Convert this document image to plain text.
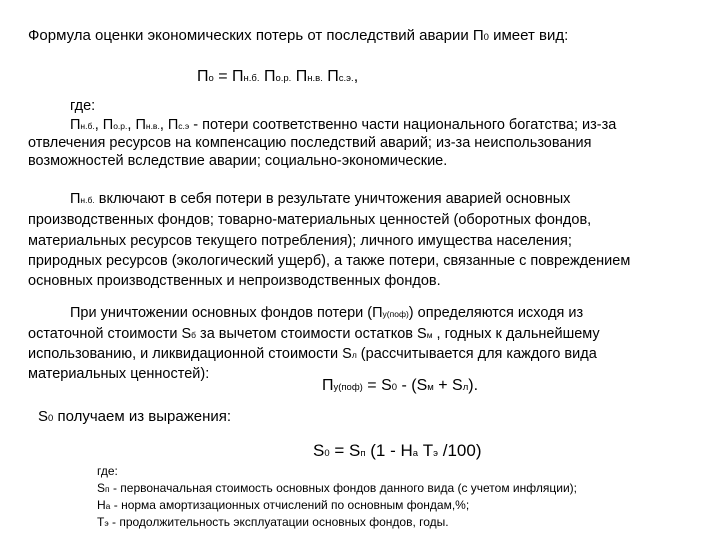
Формула оценки экономических потерь от последствий аварии П0 имеет вид:
По = Пн.б. По.р. Пн.в. Пс.э.,
где:
Пн.б., По.р., Пн.в., Пс.э - потери соответственно части национального богатства; из-за
отвлечения ресурсов на компенсацию последствий аварий; из-за неиспользования
возможностей вследствие аварии; социально-экономические.
Пн.б. включают в себя потери в результате уничтожения аварией основных
производственных фондов; товарно-материальных ценностей (оборотных фондов,
материальных ресурсов текущего потребления); личного имущества населения;
природных ресурсов (экологический ущерб), а также потери, связанные с повреждением
основных производственных и непроизводственных фондов.
При уничтожении основных фондов потери (Пу(поф)) определяются исходя из
остаточной стоимости Sб за вычетом стоимости остатков Sм , годных к дальнейшему
использованию, и ликвидационной стоимости Sл (рассчитывается для каждого вида
материальных ценностей):
Пу(поф) = S0 - (Sм + Sл).
S0 получаем из выражения:
S0 = Sп (1 - На Тэ /100)
где:
Sп - первоначальная стоимость основных фондов данного вида (с учетом инфляции);
На - норма амортизационных отчислений по основным фондам,%;
Тэ - продолжительность эксплуатации основных фондов, годы.
